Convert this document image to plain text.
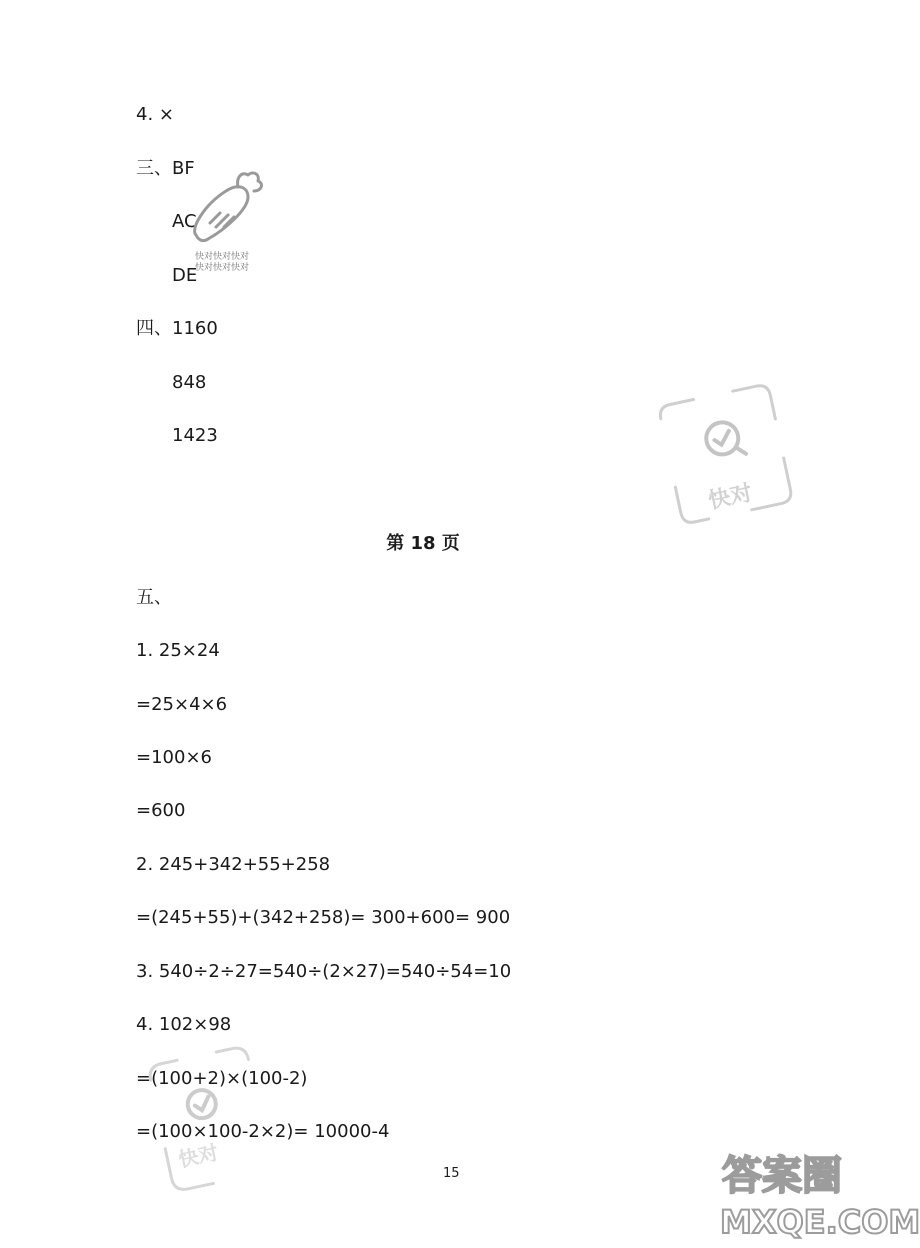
4. ×
三、BF
AC
DE
四、1160
848
1423
第 18 页
五、
1. 25×24
=25×4×6
=100×6
=600
2. 245+342+55+258
=(245+55)+(342+258)= 300+600= 900
3. 540÷2÷27=540÷(2×27)=540÷54=10
4. 102×98
=(100+2)×(100-2)
=(100×100-2×2)= 10000-4
15
快对快对快对
快对快对快对
快对
快对	答案圈
MXQE.COM
